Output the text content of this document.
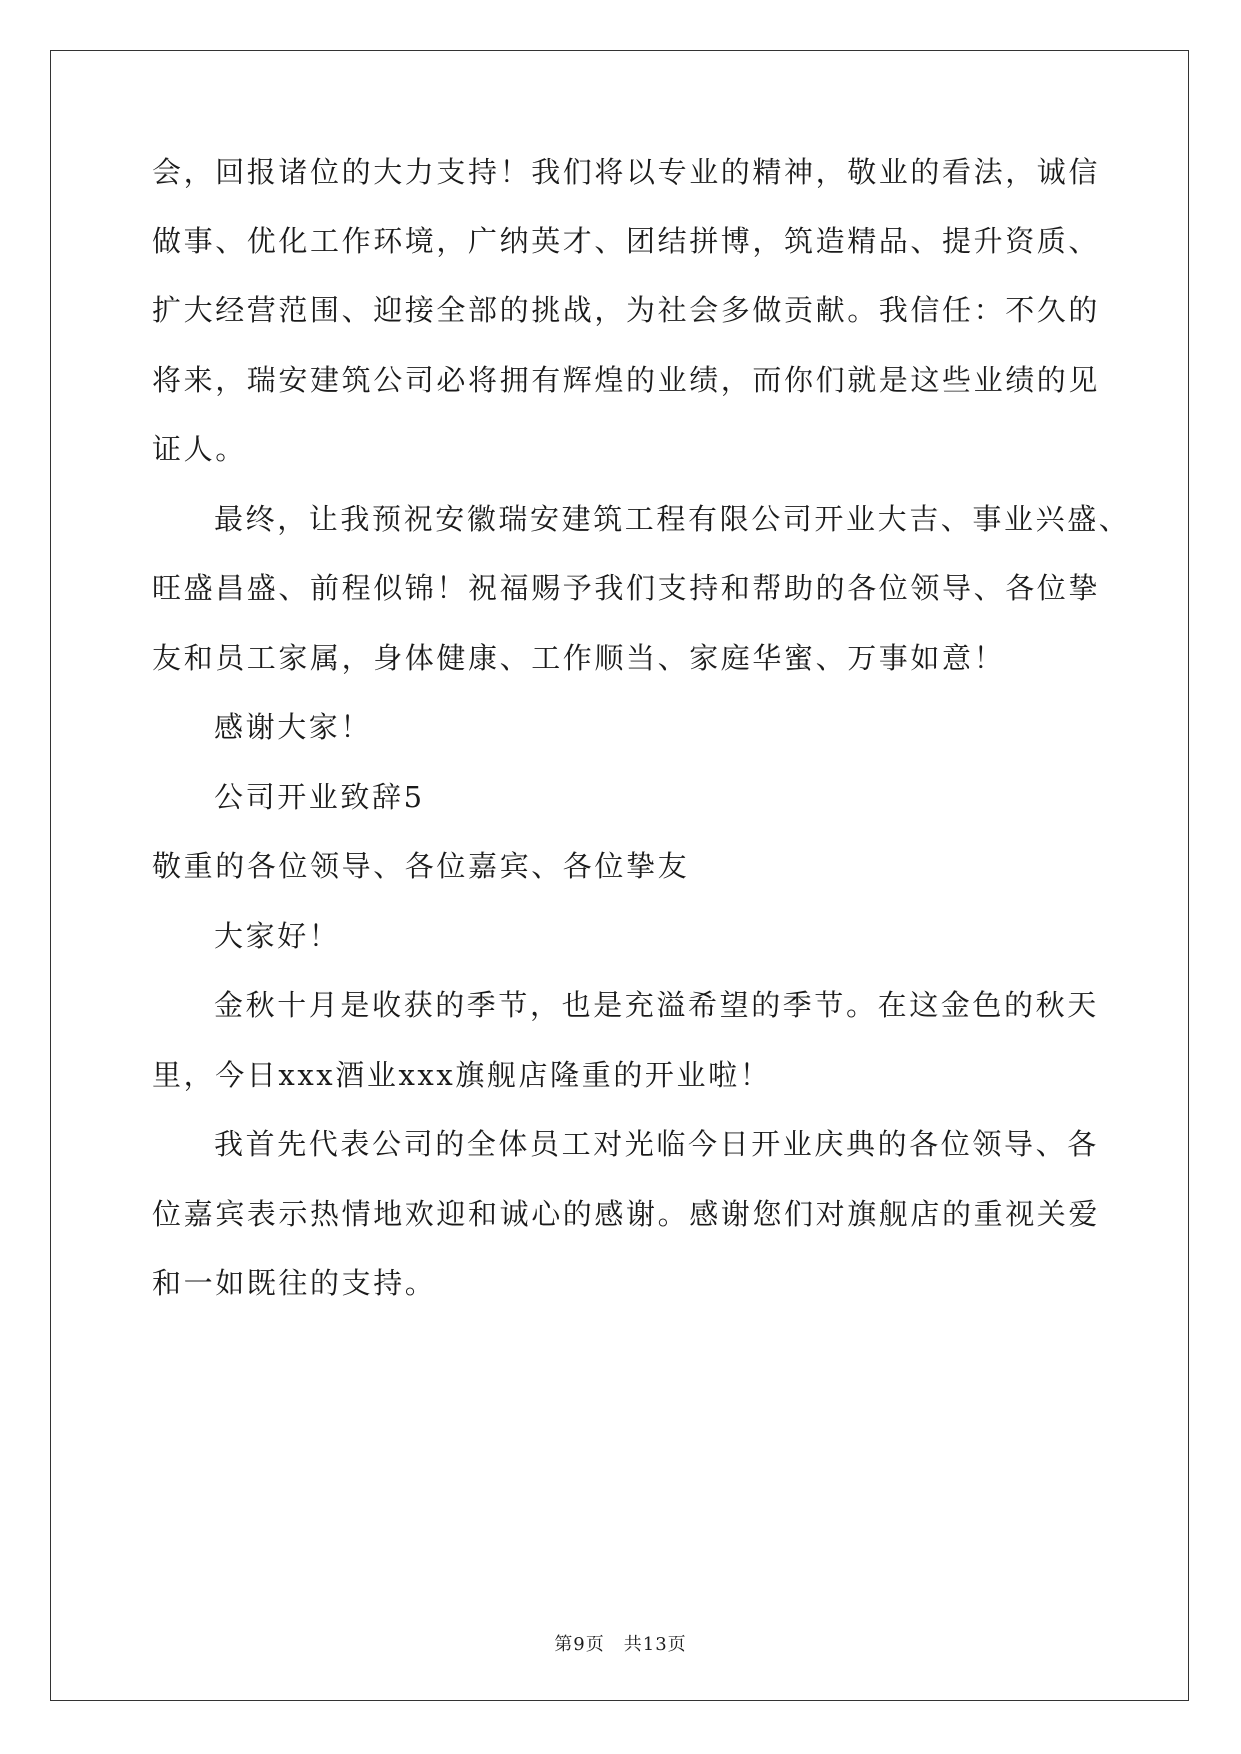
会，回报诸位的大力支持！我们将以专业的精神，敬业的看法，诚信
做事、优化工作环境，广纳英才、团结拼博，筑造精品、提升资质、
扩大经营范围、迎接全部的挑战，为社会多做贡献。我信任：不久的
将来，瑞安建筑公司必将拥有辉煌的业绩，而你们就是这些业绩的见
证人。
最终，让我预祝安徽瑞安建筑工程有限公司开业大吉、事业兴盛、
旺盛昌盛、前程似锦！祝福赐予我们支持和帮助的各位领导、各位挚
友和员工家属，身体健康、工作顺当、家庭华蜜、万事如意！
感谢大家！
公司开业致辞5
敬重的各位领导、各位嘉宾、各位挚友
大家好！
金秋十月是收获的季节，也是充溢希望的季节。在这金色的秋天
里，今日xxx酒业xxx旗舰店隆重的开业啦！
我首先代表公司的全体员工对光临今日开业庆典的各位领导、各
位嘉宾表示热情地欢迎和诚心的感谢。感谢您们对旗舰店的重视关爱
和一如既往的支持。
第9页　共13页
